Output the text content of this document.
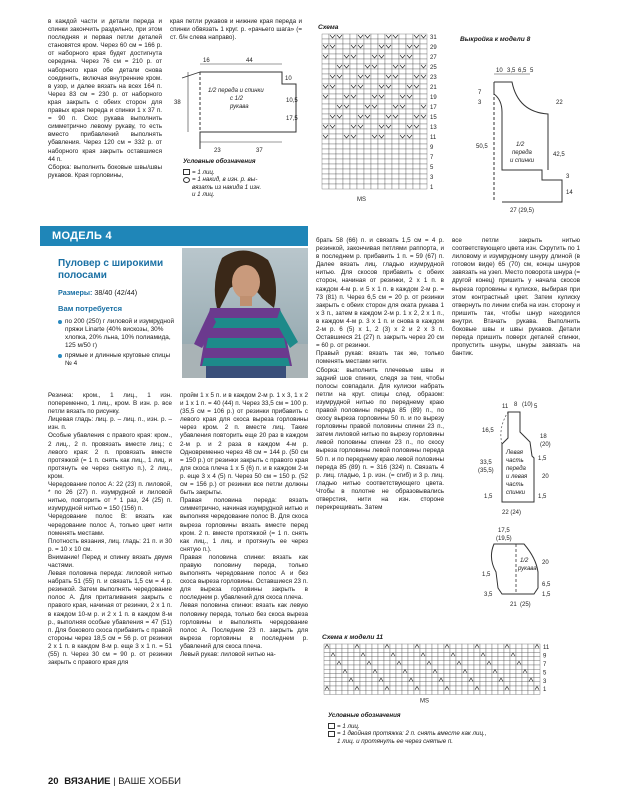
в каждой части и детали переда и спинки закончить раздельно, при этом последняя и первая петли деталей становятся кром. Через 60 см = 166 р. от наборного края будет достигнута середина. Через 76 см = 210 р. от наборного края обе детали снова соединить, включая внутренние кром. в узор, и далее вязать на всех 164 п. Через 83 см = 230 р. от наборного края закрыть с обеих сторон для правых края переда и спинки 1 х 37 п. = 90 п. Скос рукава выполнить симметрично левому рукаву, то есть вместо прибавлений выполнять убавления. Через 120 см = 332 р. от наборного края закрыть оставшиеся 44 п.

Сборка: выполнить боковые швы/швы рукавов. Края горловины,

края петли рукавов и нижние края переда и спинки обвязать 1 круг. р. «рачьего шага» (= ст. б/н слева направо).

16	44
38
10
10,5
17,5
23	37
1/2 переда и спинки
с 1/2
рукава
Условные обозначения
= 1 лиц.
= 1 накид, в изн. р. вы-
вязать из накида 1 изн.
и 1 лиц.
Схема
31
29
27
25
23
21
19
17
15
13
11
9
7
5
3
1
MS
Выкройка к модели 8
10 3,5 6,5 5
7
3	22
50,5
42,5
27 (29,5)
14
3
1/2
переда
и спинки
МОДЕЛЬ 4
Пуловер с широкими
полосами
Размеры: 38/40 (42/44)
Вам потребуется
по 200 (250) г лиловой и изумрудной пряжи Linarte (40% вискозы, 30% хлопка, 20% льна, 10% полиамида, 125 м/50 г)
прямые и длинные круговые спицы № 4

брать 58 (66) п. и связать 1,5 см = 4 р. резинкой, закончивая петлями раппорта, и в последнем р. прибавить 1 п. = 59 (67) п. Далее вязать лиц. гладью изумрудной нитью. Для скосов прибавить с обеих сторон, начиная от резинки, 2 х 1 п. в каждом 4-м р. и 5 х 1 п. в каждом 2-м р. = 73 (81) п. Через 6,5 см = 20 р. от резинки закрыть с обеих сторон для оката рукава 1 х 3 п., затем в каждом 2-м р. 1 х 2, 2 х 1 п., в каждом 4-м р. 3 х 1 п. и снова в каждом 2-м р. 6 (5) х 1, 2 (3) х 2 и 2 х 3 п. Оставшиеся 21 (27) п. закрыть через 20 см = 60 р. от резинки.

Правый рукав: вязать так же, только поменять местами нити.

Сборка: выполнить плечевые швы и задний шов спинки, следя за тем, чтобы полосы совпадали. Для кулиски набрать петли на круг. спицы след. образом: изумрудной нитью по переднему краю правой половины переда 85 (89) п., по скосу выреза горловины 50 п. и по вырезу горловины правой половины спинки 23 п., затем лиловой нитью по вырезу горловины левой половины спинки 23 п., по скосу выреза горловины левой половины переда 50 п. и по переднему краю левой половины переда 85 (89) п. = 316 (324) п. Связать 4 р. лиц. гладью, 1 р. изн. (= сгиб) и 3 р. лиц. гладью нитью соответствующего цвета. Чтобы в полотне не образовывались отверстия, нити на изн. стороне перекрещивать. Затем

все петли закрыть нитью соответствующего цвета изн. Скрутить по 1 лиловому и изумрудному шнуру длиной (в готовом виде) 65 (70) см, концы шнуров завязать на узел. Место поворота шнура (= другой конец) пришить у начала скосов выреза горловины к кулиске, выбирая при этом контрастный цвет. Затем кулиску отвернуть по линии сгиба на изн. сторону и пришить так, чтобы шнур находился внутри. Втачать рукава. Выполнить боковые швы и швы рукавов. Детали переда пришить поверх деталей спинки, пропустить шнуры, шнуры завязать на бантик.

11 8 (10) 5
16,5
18
(20)
33,5
(35,5)
1,5
20
1,5
22 (24)
1,5
Левая
часть
переда
и левая
часть
спинки
17,5
(19,5)
20
1,5
6,5
3,5
21 (25)
1,5
1/2
рукава

Резинка: кром., 1 лиц., 1 изн. попеременно, 1 лиц., кром. В изн. р. все петли вязать по рисунку.

Лицевая гладь: лиц. р. – лиц. п., изн. р. – изн. п.

Особые убавления с правого края: кром., 2 лиц., 2 п. провязать вместе лиц.; с левого края: 2 п. провязать вместе протяжкой (= 1 п. снять как лиц., 1 лиц. и протянуть ее через снятую п.), 2 лиц., кром.

Чередование полос А: 22 (23) п. лиловой, * по 26 (27) п. изумрудной и лиловой нитью, повторить от * 1 раз, 24 (25) п. изумрудной нитью = 150 (156) п.

Чередование полос В: вязать как чередование полос А, только цвет нити поменять местами.

Плотность вязания, лиц. гладь: 21 п. и 30 р. = 10 х 10 см.

Внимание! Перед и спинку вязать двумя частями.

Левая половина переда: лиловой нитью набрать 51 (55) п. и связать 1,5 см = 4 р. резинкой. Затем выполнять чередование полос А. Для приталивания закрыть с правого края, начиная от резинки, 2 х 1 п. в каждом 10-м р. и 2 х 1 п. в каждом 8-м р., выполняя особые убавления = 47 (51) п. Для бокового скоса прибавить с правой стороны через 18,5 см = 56 р. от резинки 2 х 1 п. в каждом 8-м р. еще 3 х 1 п. = 51 (55) п. Через 30 см = 90 р. от резинки закрыть с правого края для

пройм 1 х 5 п. и в каждом 2-м р. 1 х 3, 1 х 2 и 1 х 1 п. = 40 (44) п. Через 33,5 см = 100 р. (35,5 см = 106 р.) от резинки прибавить с левого края для скоса выреза горловины через кром. 2 п. вместе лиц. Такие убавления повторить еще 20 раз в каждом 2-м р. и 2 раза в каждом 4-м р. Одновременно через 48 см = 144 р. (50 см = 150 р.) от резинки закрыть с правого края для скоса плеча 1 х 5 (6) п. и в каждом 2-м р. еще 3 х 4 (5) п. Через 50 см = 150 р. (52 см = 156 р.) от резинки все петли должны быть закрыты.

Правая половина переда: вязать симметрично, начиная изумрудной нитью и выполняя чередование полос В. Для скоса выреза горловины вязать вместе перед кром. 2 п. вместе протяжкой (= 1 п. снять как лиц., 1 лиц. и протянуть ее через снятую п.).

Правая половина спинки: вязать как правую половину переда, только выполнять чередование полос А и без скоса выреза горловины. Оставшиеся 23 п. для выреза горловины закрыть в последнем р. убавлений для скоса плеча.

Левая половина спинки: вязать как левую половину переда, только без скоса выреза горловины и выполнять чередование полос А. Последние 23 п. закрыть для выреза горловины в последнем р. убавлений для скоса плеча.

Левый рукав: лиловой нитью на-

Схема к модели 11
11
9
7
5
3
1
MS
Условные обозначения
= 1 лиц.
= 1 двойная протяжка: 2 п. снять вместе как лиц.,
1 лиц. и протянуть ее через снятые п.
20 ВЯЗАНИЕ | ВАШЕ ХОББИ
